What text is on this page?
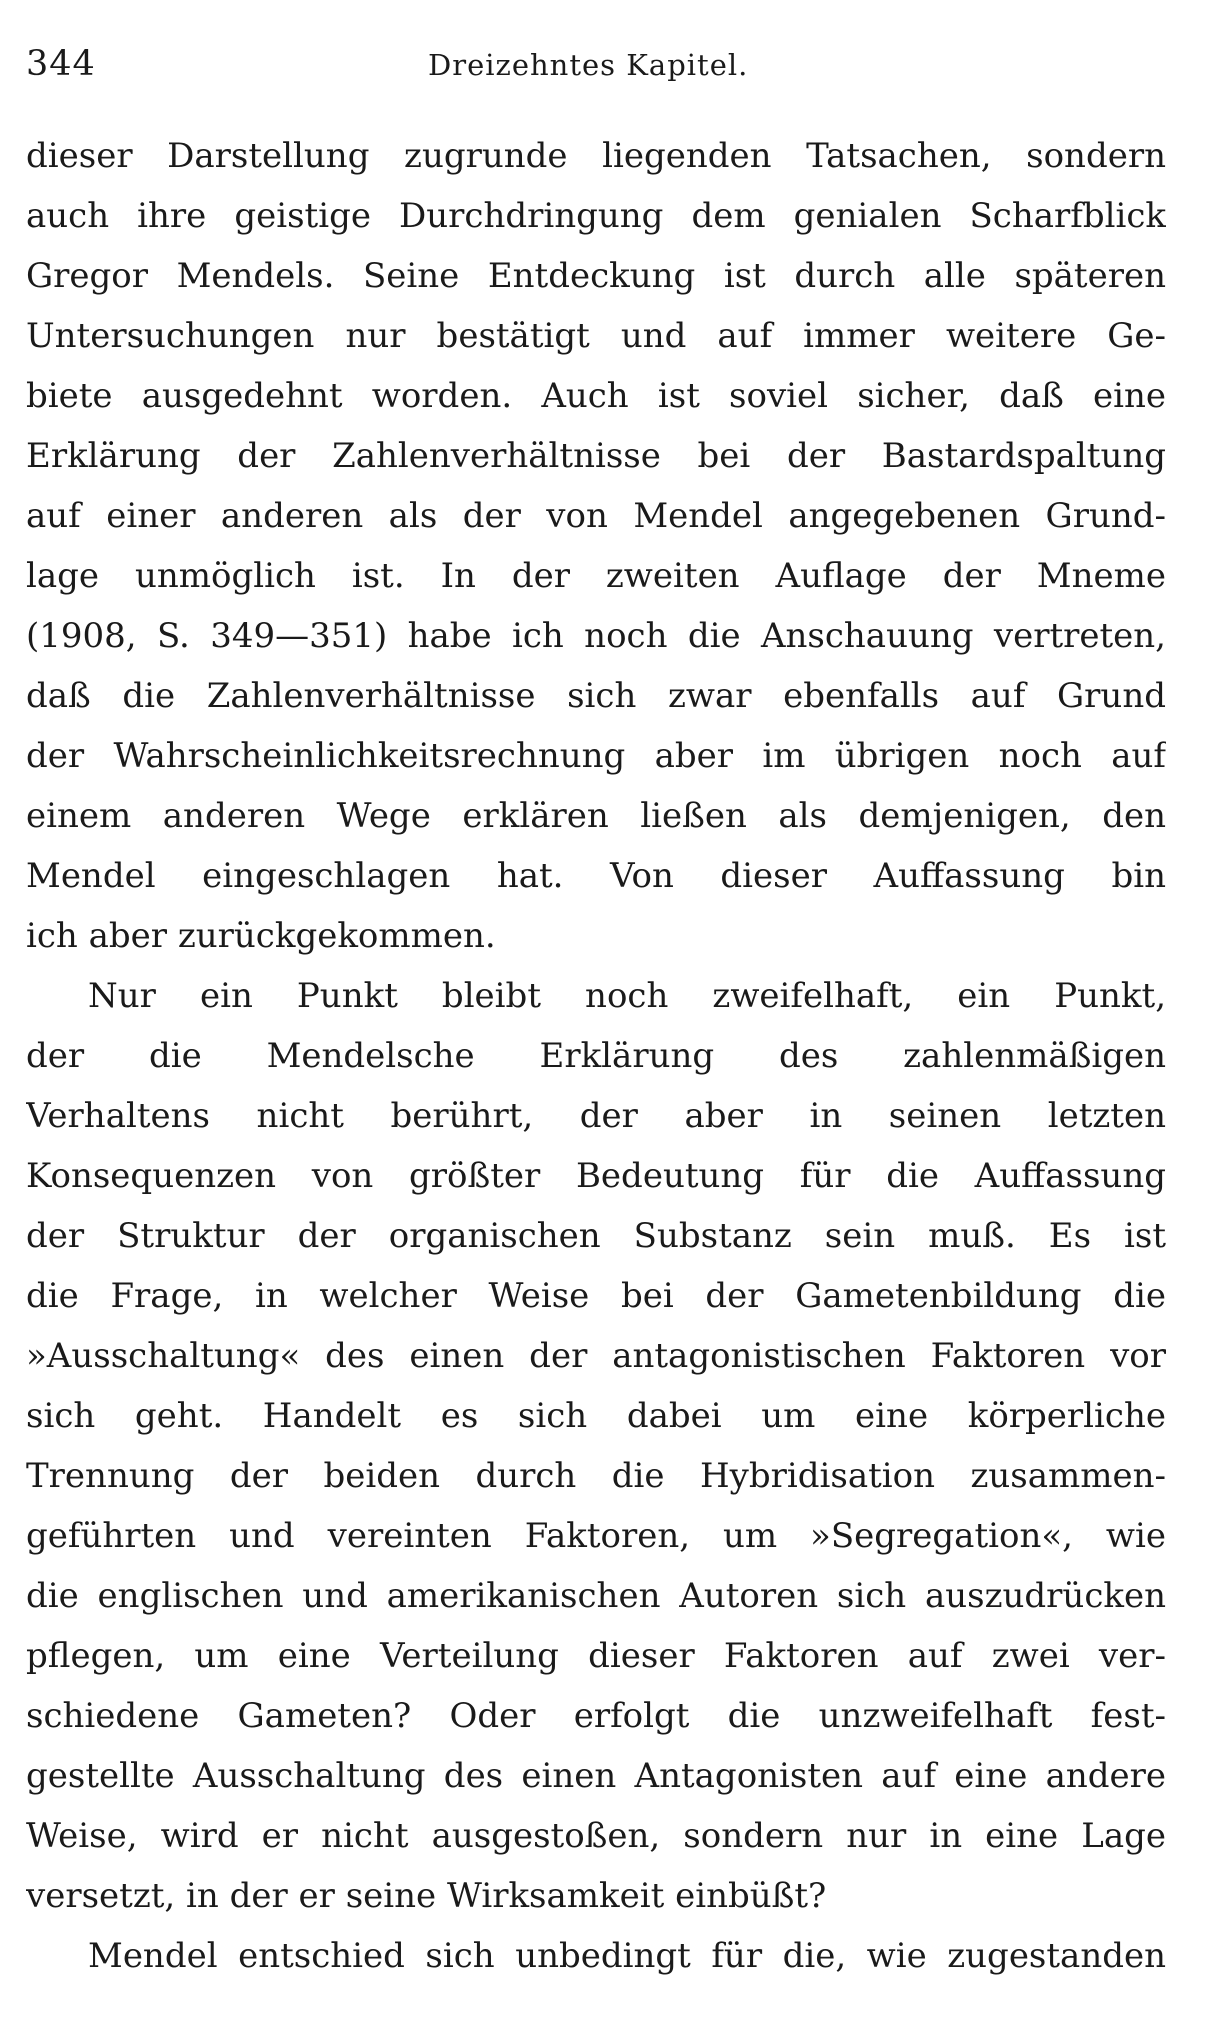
344	Dreizehntes Kapitel.
dieser Darstellung zugrunde liegenden Tatsachen, sondern
auch ihre geistige Durchdringung dem genialen Scharfblick
Gregor Mendels. Seine Entdeckung ist durch alle späteren
Untersuchungen nur bestätigt und auf immer weitere Ge-
biete ausgedehnt worden. Auch ist soviel sicher, daß eine
Erklärung der Zahlenverhältnisse bei der Bastardspaltung
auf einer anderen als der von Mendel angegebenen Grund-
lage unmöglich ist. In der zweiten Auflage der Mneme
(1908, S. 349—351) habe ich noch die Anschauung vertreten,
daß die Zahlenverhältnisse sich zwar ebenfalls auf Grund
der Wahrscheinlichkeitsrechnung aber im übrigen noch auf
einem anderen Wege erklären ließen als demjenigen, den
Mendel eingeschlagen hat. Von dieser Auffassung bin
ich aber zurückgekommen.
Nur ein Punkt bleibt noch zweifelhaft, ein Punkt,
der die Mendelsche Erklärung des zahlenmäßigen
Verhaltens nicht berührt, der aber in seinen letzten
Konsequenzen von größter Bedeutung für die Auffassung
der Struktur der organischen Substanz sein muß. Es ist
die Frage, in welcher Weise bei der Gametenbildung die
»Ausschaltung« des einen der antagonistischen Faktoren vor
sich geht. Handelt es sich dabei um eine körperliche
Trennung der beiden durch die Hybridisation zusammen-
geführten und vereinten Faktoren, um »Segregation«, wie
die englischen und amerikanischen Autoren sich auszudrücken
pflegen, um eine Verteilung dieser Faktoren auf zwei ver-
schiedene Gameten? Oder erfolgt die unzweifelhaft fest-
gestellte Ausschaltung des einen Antagonisten auf eine andere
Weise, wird er nicht ausgestoßen, sondern nur in eine Lage
versetzt, in der er seine Wirksamkeit einbüßt?
Mendel entschied sich unbedingt für die, wie zugestanden
